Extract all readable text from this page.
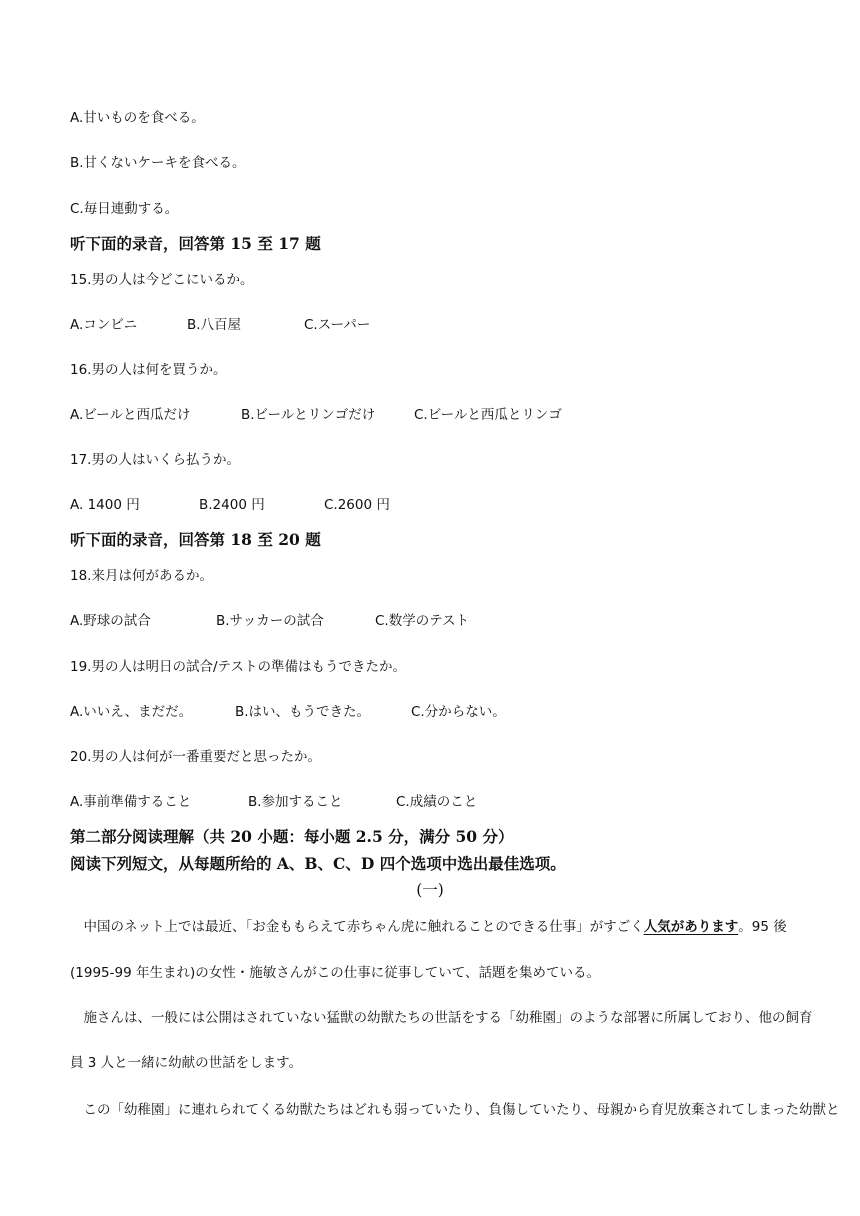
A.甘いものを食べる。
B.甘くないケーキを食べる。
C.毎日連動する。
听下面的录音，回答第 15 至 17 题
15.男の人は今どこにいるか。
A.コンビニ	B.八百屋	C.スーパー
16.男の人は何を買うか。
A.ビールと西瓜だけ	B.ビールとリンゴだけ	C.ビールと西瓜とリンゴ
17.男の人はいくら払うか。
A. 1400 円	B.2400 円	C.2600 円
听下面的录音，回答第 18 至 20 题
18.来月は何があるか。
A.野球の試合	B.サッカーの試合	C.数学のテスト
19.男の人は明日の試合/テストの準備はもうできたか。
A.いいえ、まだだ。	B.はい、もうできた。	C.分からない。
20.男の人は何が一番重要だと思ったか。
A.事前準備すること	B.参加すること	C.成績のこと
第二部分阅读理解（共 20 小题：每小题 2.5 分，满分 50 分）
阅读下列短文，从每题所给的 A、B、C、D 四个选项中选出最佳选项。
(一)
　中国のネット上では最近、「お金ももらえて赤ちゃん虎に触れることのできる仕事」がすごく人気があります。95 後
(1995-99 年生まれ)の女性・施敏さんがこの仕事に従事していて、話題を集めている。
　施さんは、一般には公開はされていない猛獣の幼獣たちの世話をする「幼稚園」のような部署に所属しており、他の飼育
員 3 人と一緒に幼献の世話をします。
　この「幼稚園」に連れられてくる幼獣たちはどれも弱っていたり、負傷していたり、母親から育児放棄されてしまった幼獣と
